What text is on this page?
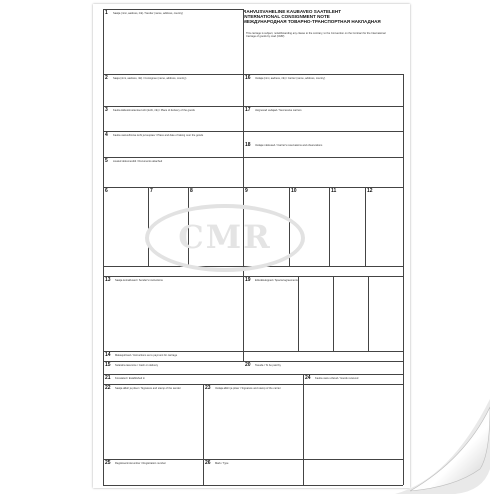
RAHVUSVAHELINE KAUBAVEO SAATELEHT
INTERNATIONAL CONSIGNMENT NOTE
МЕЖДУНАРОДНАЯ ТОВАРНО-ТРАНСПОРТНАЯ НАКЛАДНАЯ
1 Saatja (nimi, aadress, riik) / Sender (name, address, country)
2 Saaja (nimi, aadress, riik) / Consignee (name, address, country)
3 Kauba kättetoimetamise koht (koht, riik) / Place of delivery of the goods
4 Kauba vastuvõtmise koht ja kuupäev / Place and date of taking over the goods
5 Lisatud dokumendid / Documents attached
6	7	8	9	10	11	12
13 Saatja korraldused / Sender's instructions
14 Maksejuhised / Instructions as to payment for carriage
15 Sularaha tasumine / Cash on delivery
16 Vedaja (nimi, aadress, riik) / Carrier (name, address, country)
17 Järgnevad vedajad / Successive carriers
18 Vedaja märkused / Carrier's reservations and observations
19 Erikokkulepped / Special agreements
20 Tasuda / To be paid by
21 Koostatud / Established in
22 Saatja allkiri ja pitser / Signature and stamp of the sender	23 Vedaja allkiri ja pitser / Signature and stamp of the carrier
24 Kauba vastu võetud / Goods received
25 Registreerimisnumber / Registration number	26 Mark / Type
This carriage is subject, notwithstanding any clause to the contrary, to the Convention on the Contract for the International Carriage of goods by road (CMR)
CMR
